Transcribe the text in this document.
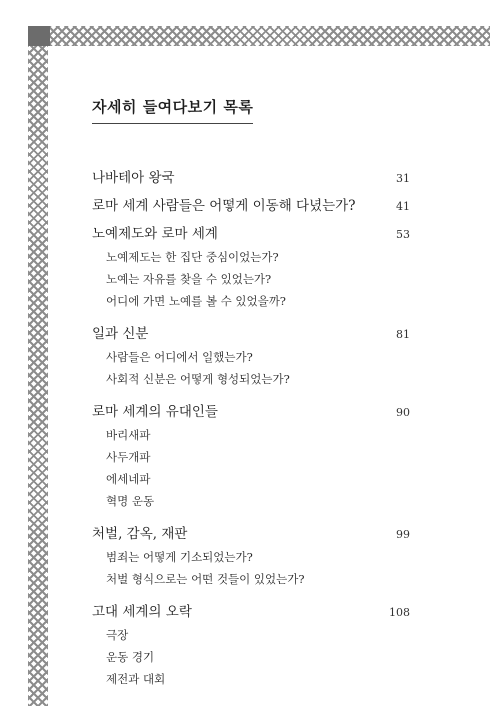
자세히 들여다보기 목록
나바테아 왕국	31
로마 세계 사람들은 어떻게 이동해 다녔는가?	41
노예제도와 로마 세계	53
노예제도는 한 집단 중심이었는가?
노예는 자유를 찾을 수 있었는가?
어디에 가면 노예를 볼 수 있었을까?
일과 신분	81
사람들은 어디에서 일했는가?
사회적 신분은 어떻게 형성되었는가?
로마 세계의 유대인들	90
바리새파
사두개파
에세네파
혁명 운동
처벌, 감옥, 재판	99
범죄는 어떻게 기소되었는가?
처벌 형식으로는 어떤 것들이 있었는가?
고대 세계의 오락	108
극장
운동 경기
제전과 대회
